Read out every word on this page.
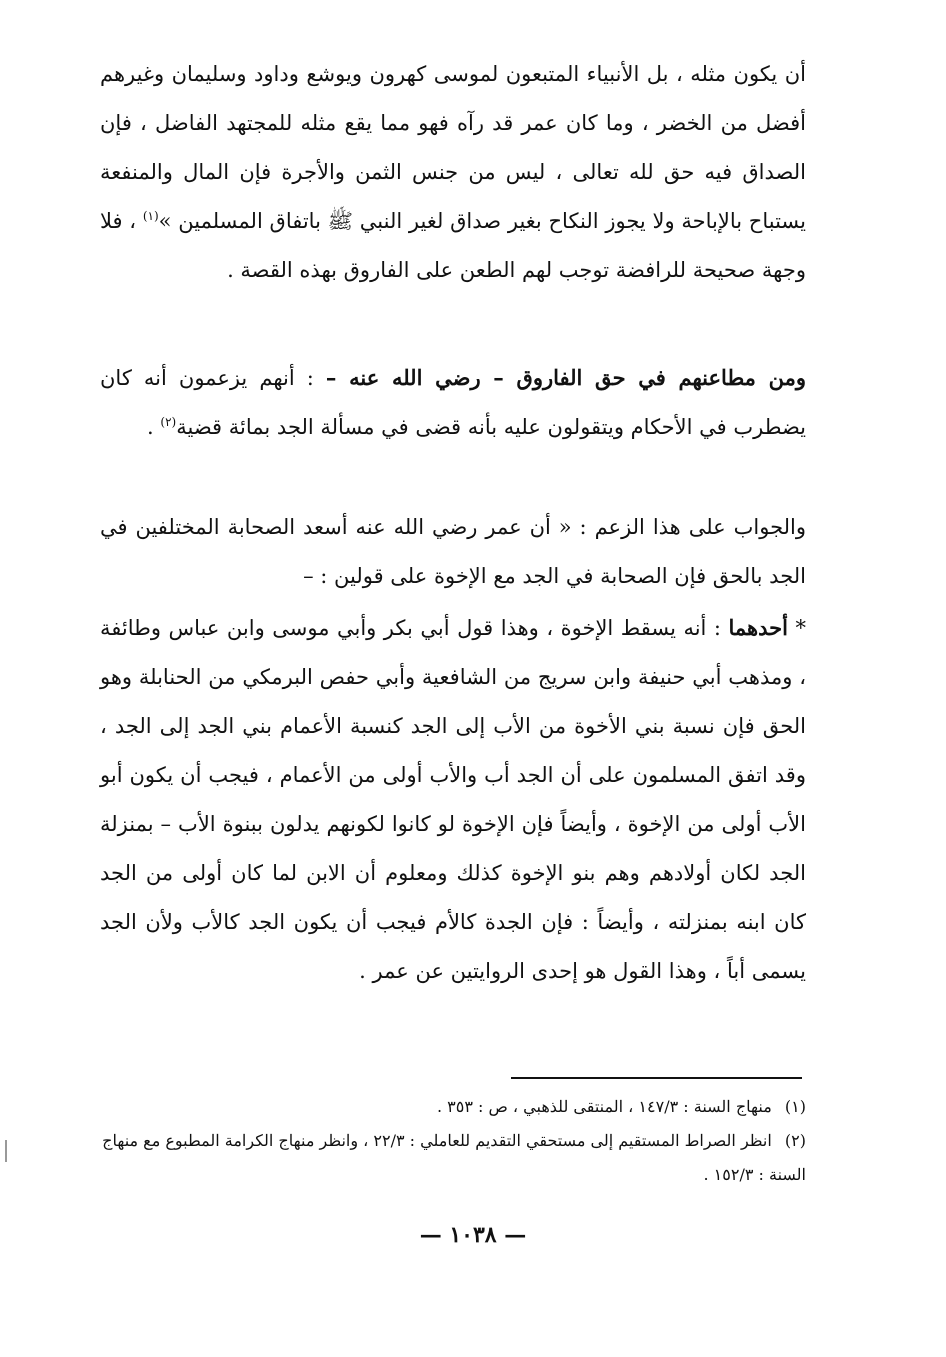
أن يكون مثله ، بل الأنبياء المتبعون لموسى كهرون ويوشع وداود وسليمان وغيرهم أفضل من الخضر ، وما كان عمر قد رآه فهو مما يقع مثله للمجتهد الفاضل ، فإن الصداق فيه حق لله تعالى ، ليس من جنس الثمن والأجرة فإن المال والمنفعة يستباح بالإباحة ولا يجوز النكاح بغير صداق لغير النبي ﷺ باتفاق المسلمين »$^{(١)}$ ، فلا وجهة صحيحة للرافضة توجب لهم الطعن على الفاروق بهذه القصة .

ومن مطاعنهم في حق الفاروق – رضي الله عنه – : أنهم يزعمون أنه كان يضطرب في الأحكام ويتقولون عليه بأنه قضى في مسألة الجد بمائة قضية$^{(٢)}$ .

والجواب على هذا الزعم : « أن عمر رضي الله عنه أسعد الصحابة المختلفين في الجد بالحق فإن الصحابة في الجد مع الإخوة على قولين : –

* أحدهما : أنه يسقط الإخوة ، وهذا قول أبي بكر وأبي موسى وابن عباس وطائفة ، ومذهب أبي حنيفة وابن سريج من الشافعية وأبي حفص البرمكي من الحنابلة وهو الحق فإن نسبة بني الأخوة من الأب إلى الجد كنسبة الأعمام بني الجد إلى الجد ، وقد اتفق المسلمون على أن الجد أب والأب أولى من الأعمام ، فيجب أن يكون أبو الأب أولى من الإخوة ، وأيضاً فإن الإخوة لو كانوا لكونهم يدلون ببنوة الأب – بمنزلة الجد لكان أولادهم وهم بنو الإخوة كذلك ومعلوم أن الابن لما كان أولى من الجد كان ابنه بمنزلته ، وأيضاً : فإن الجدة كالأم فيجب أن يكون الجد كالأب ولأن الجد يسمى أباً ، وهذا القول هو إحدى الروايتين عن عمر .

(١) منهاج السنة : ١٤٧/٣ ، المنتقى للذهبي ، ص : ٣٥٣ .

(٢) انظر الصراط المستقيم إلى مستحقي التقديم للعاملي : ٢٢/٣ ، وانظر منهاج الكرامة المطبوع مع منهاج السنة : ١٥٢/٣ .

— ١٠٣٨ —
